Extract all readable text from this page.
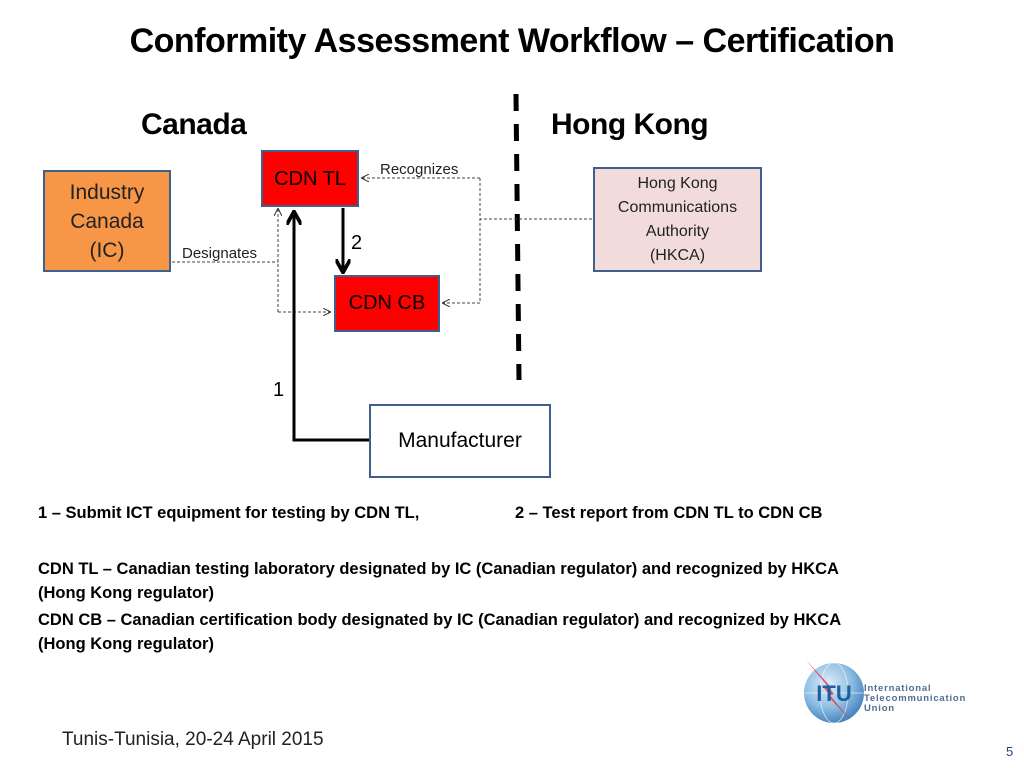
Conformity Assessment Workflow – Certification
Canada	Hong Kong
Industry
Canada
(IC)
CDN TL
CDN CB
Hong Kong
Communications
Authority
(HKCA)
Manufacturer
Designates
Recognizes
2
1
1 – Submit ICT equipment for testing by CDN TL,	2 – Test report from CDN TL to CDN CB
CDN TL – Canadian testing laboratory designated by IC (Canadian regulator) and recognized by HKCA
(Hong Kong regulator)
CDN CB – Canadian certification body designated by IC (Canadian regulator) and recognized by HKCA
(Hong Kong regulator)
ITU International
Telecommunication
Union
Tunis-Tunisia, 20-24 April 2015
5
